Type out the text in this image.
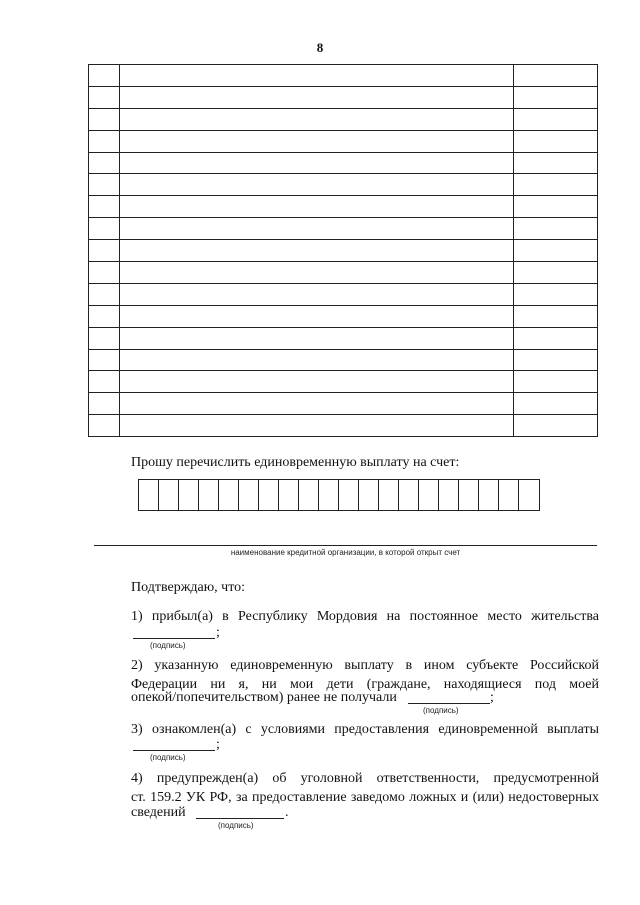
8

Прошу перечислить единовременную выплату на счет:
наименование кредитной организации, в которой открыт счет
Подтверждаю, что:
1) прибыл(а) в Республику Мордовия на постоянное место жительства
;
(подпись)
2) указанную единовременную выплату в ином субъекте Российской
Федерации ни я, ни мои дети (граждане, находящиеся под моей
опекой/попечительством) ранее не получали	;
(подпись)
3) ознакомлен(а) с условиями предоставления единовременной выплаты
;
(подпись)
4) предупрежден(а) об уголовной ответственности, предусмотренной
ст. 159.2 УК РФ, за предоставление заведомо ложных и (или) недостоверных
сведений	.
(подпись)
